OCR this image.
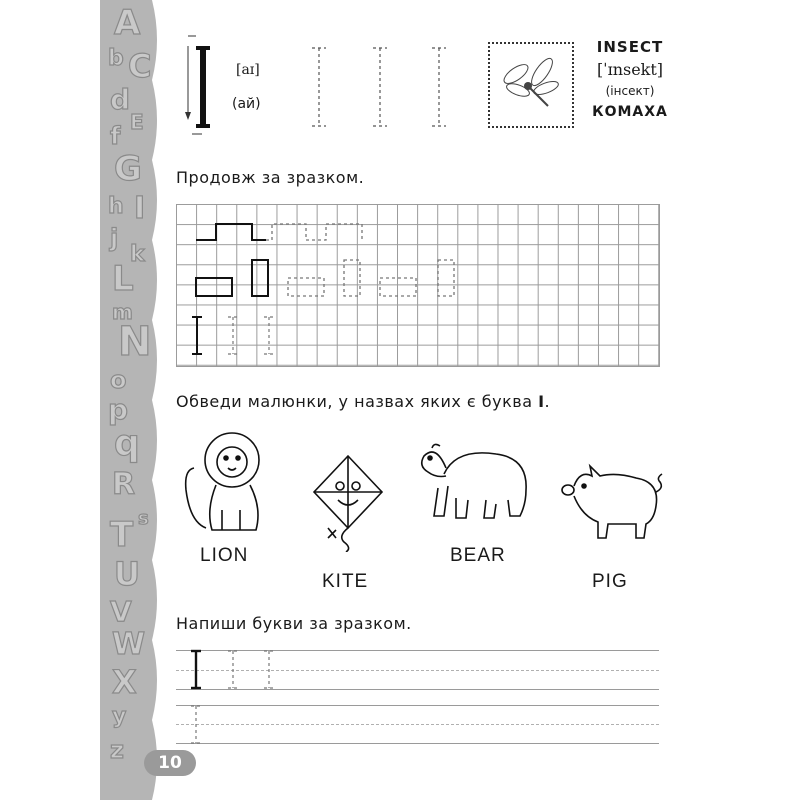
A
b C
d
E
f
G
h I
j
k
L
m
N
o
p
q
R
s
T
U
V
W
X
y
z	10
[aɪ]
(ай)
INSECT
[ˈɪnsekt]
(інсект)
КОМАХА
Продовж за зразком.
Обведи малюнки, у назвах яких є буква I.
LION
KITE
BEAR
PIG
Напиши букви за зразком.
